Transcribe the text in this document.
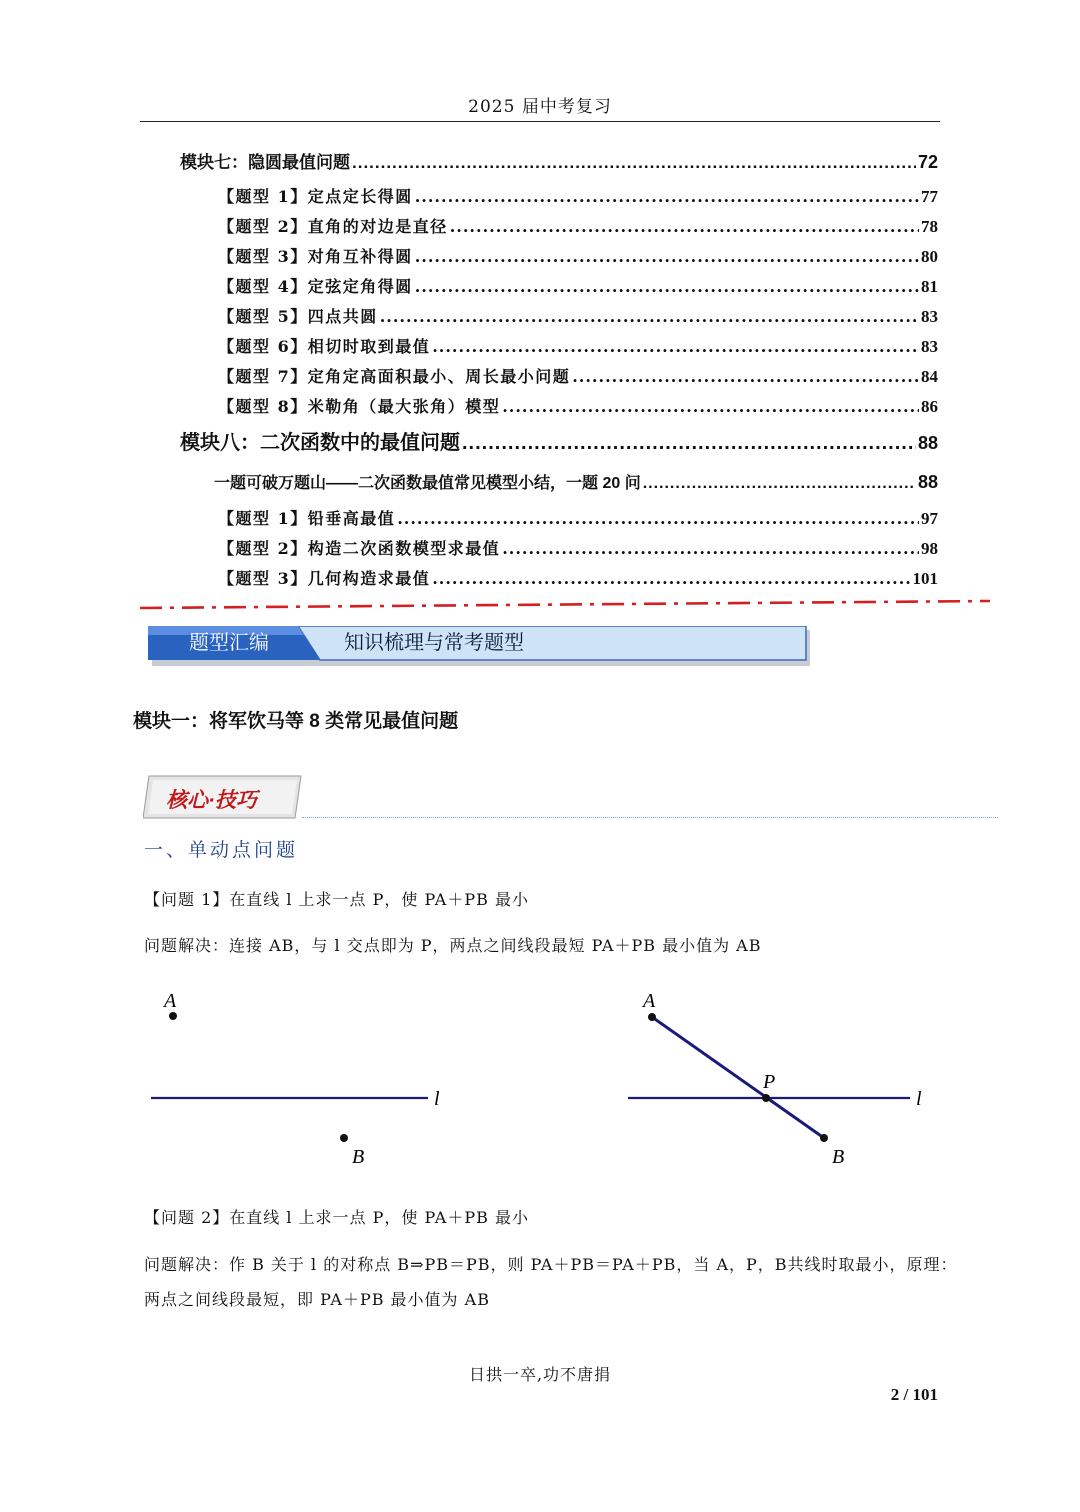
2025 届中考复习
模块七：隐圆最值问题 .....	72
【题型 1】定点定长得圆 .....	77
【题型 2】直角的对边是直径 .....	78
【题型 3】对角互补得圆 .....	80
【题型 4】定弦定角得圆 .....	81
【题型 5】四点共圆 .....	83
【题型 6】相切时取到最值 .....	83
【题型 7】定角定高面积最小、周长最小问题 .....	84
【题型 8】米勒角（最大张角）模型 .....	86
模块八：二次函数中的最值问题 .....	88
一题可破万题山——二次函数最值常见模型小结，一题 20 问 .....	88
【题型 1】铅垂高最值 .....	97
【题型 2】构造二次函数模型求最值 .....	98
【题型 3】几何构造求最值 .....	101
题型汇编	知识梳理与常考题型
模块一：将军饮马等 8 类常见最值问题
核心·技巧
一、单动点问题
【问题 1】在直线 l 上求一点 P，使 PA＋PB 最小
问题解决：连接 AB，与 l 交点即为 P，两点之间线段最短 PA＋PB 最小值为 AB
A
B
l
A
P
B
l
【问题 2】在直线 l 上求一点 P，使 PA＋PB 最小
问题解决：作 B 关于 l 的对称点 B⇒PB＝PB，则 PA＋PB＝PA＋PB，当 A，P，B共线时取最小，原理：
两点之间线段最短，即 PA＋PB 最小值为 AB
日拱一卒,功不唐捐
2 / 101
